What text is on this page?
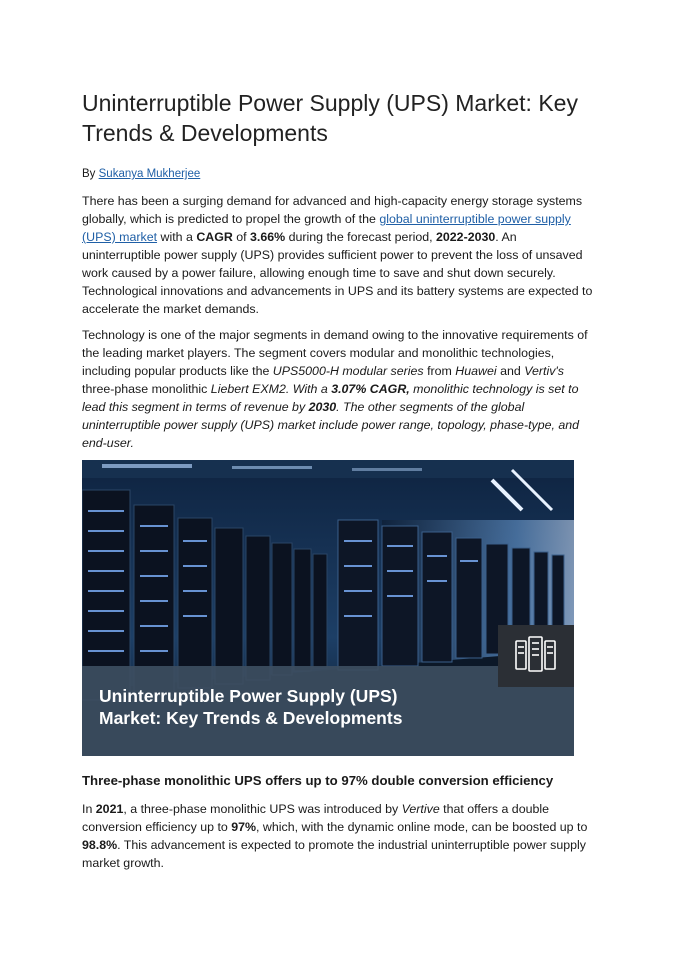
Uninterruptible Power Supply (UPS) Market: Key Trends & Developments
By Sukanya Mukherjee

There has been a surging demand for advanced and high-capacity energy storage systems globally, which is predicted to propel the growth of the global uninterruptible power supply (UPS) market with a CAGR of 3.66% during the forecast period, 2022-2030. An uninterruptible power supply (UPS) provides sufficient power to prevent the loss of unsaved work caused by a power failure, allowing enough time to save and shut down securely. Technological innovations and advancements in UPS and its battery systems are expected to accelerate the market demands.

Technology is one of the major segments in demand owing to the innovative requirements of the leading market players. The segment covers modular and monolithic technologies, including popular products like the UPS5000-H modular series from Huawei and Vertiv's three-phase monolithic Liebert EXM2. With a 3.07% CAGR, monolithic technology is set to lead this segment in terms of revenue by 2030. The other segments of the global uninterruptible power supply (UPS) market include power range, topology, phase-type, and end-user.

Uninterruptible Power Supply (UPS)
Market: Key Trends & Developments
Three-phase monolithic UPS offers up to 97% double conversion efficiency

In 2021, a three-phase monolithic UPS was introduced by Vertive that offers a double conversion efficiency up to 97%, which, with the dynamic online mode, can be boosted up to 98.8%. This advancement is expected to promote the industrial uninterruptible power supply market growth.
